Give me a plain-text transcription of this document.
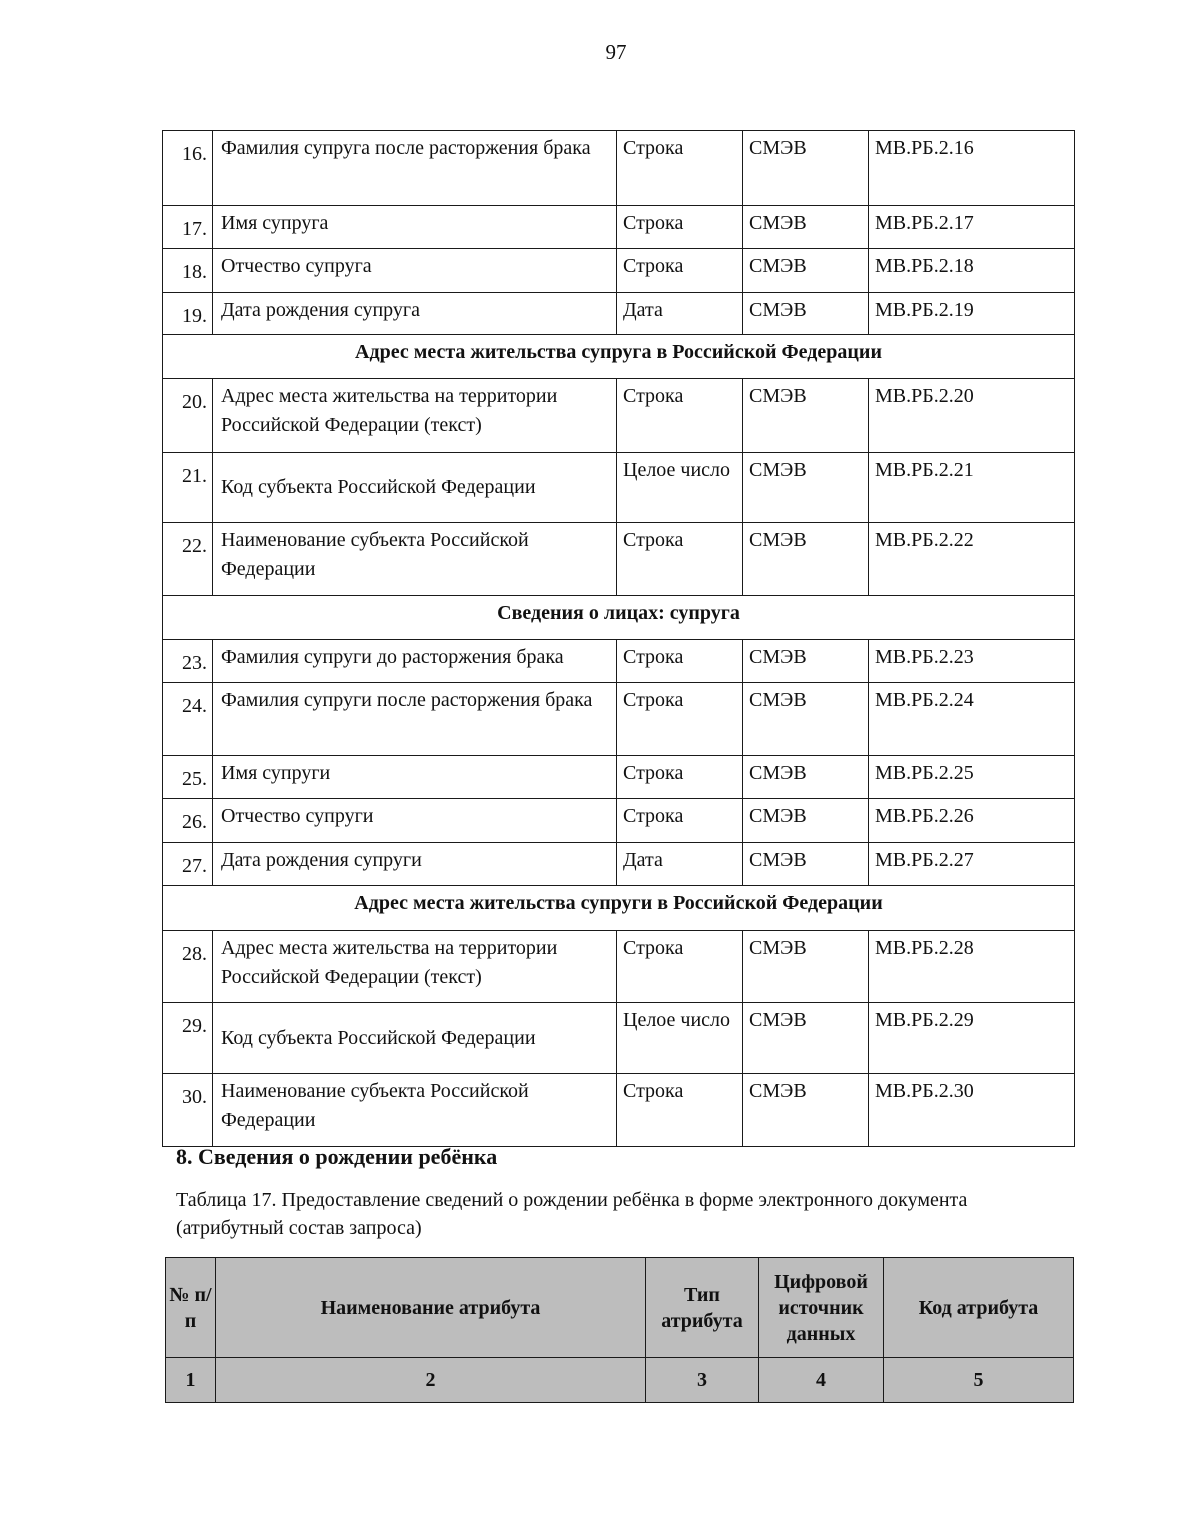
97
16.	Фамилия супруга после расторжения брака	Строка	СМЭВ	МВ.РБ.2.16
17.	Имя супруга	Строка	СМЭВ	МВ.РБ.2.17
18.	Отчество супруга	Строка	СМЭВ	МВ.РБ.2.18
19.	Дата рождения супруга	Дата	СМЭВ	МВ.РБ.2.19
Адрес места жительства супруга в Российской Федерации				
20.	Адрес места жительства на территории Российской Федерации (текст)	Строка	СМЭВ	МВ.РБ.2.20
21.	Код субъекта Российской Федерации	Целое число	СМЭВ	МВ.РБ.2.21
22.	Наименование субъекта Российской Федерации	Строка	СМЭВ	МВ.РБ.2.22
Сведения о лицах: супруга				
23.	Фамилия супруги до расторжения брака	Строка	СМЭВ	МВ.РБ.2.23
24.	Фамилия супруги после расторжения брака	Строка	СМЭВ	МВ.РБ.2.24
25.	Имя супруги	Строка	СМЭВ	МВ.РБ.2.25
26.	Отчество супруги	Строка	СМЭВ	МВ.РБ.2.26
27.	Дата рождения супруги	Дата	СМЭВ	МВ.РБ.2.27
Адрес места жительства супруги в Российской Федерации				
28.	Адрес места жительства на территории Российской Федерации (текст)	Строка	СМЭВ	МВ.РБ.2.28
29.	Код субъекта Российской Федерации	Целое число	СМЭВ	МВ.РБ.2.29
30.	Наименование субъекта Российской Федерации	Строка	СМЭВ	МВ.РБ.2.30
8. Сведения о рождении ребёнка
Таблица 17. Предоставление сведений о рождении ребёнка в форме электронного документа (атрибутный состав запроса)
№ п/п	Наименование атрибута	Тип атрибута	Цифровой источник данных	Код атрибута
1	2	3	4	5
